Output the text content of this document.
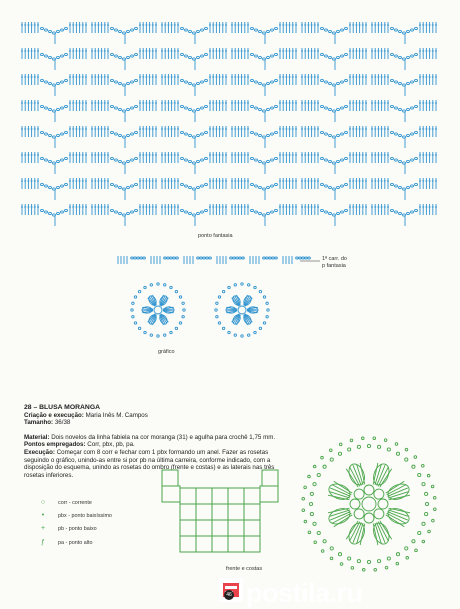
ponto fantasia
1ª carr. do
p fantasia
gráfico

28 – BLUSA MORANGA

Criação e execução: Maria Inês M. Campos

Tamanho: 36/38

Material: Dois novelos da linha fabiela na cor moranga (31) e agulha para crochê 1,75 mm.

Pontos empregados: Corr, pbx, pb, pa.

Execução: Começar com 8 corr e fechar com 1 pbx formando um anel. Fazer as rosetas seguindo o gráfico, unindo-as entre si por pb na última carreira, conforme indicado, com a disposição do esquema, unindo as rosetas do ombro (frente e costas) e as laterais nas três rosetas inferiores.

○	corr - corrente
•	pbx - ponto baixíssimo
+	pb - ponto baixo
ƒ	pa - ponto alto
frente e costas
postila.ru
46
